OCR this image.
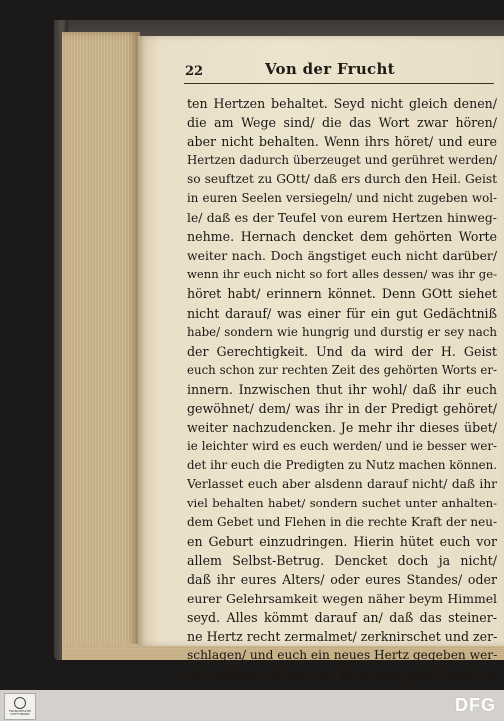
22	Von der Frucht
ten Hertzen behaltet. Seyd nicht gleich denen/
die am Wege sind/ die das Wort zwar hören/
aber nicht behalten. Wenn ihrs höret/ und eure
Hertzen dadurch überzeuget und gerühret werden/
so seuftzet zu GOtt/ daß ers durch den Heil. Geist
in euren Seelen versiegeln/ und nicht zugeben wol-
le/ daß es der Teufel von eurem Hertzen hinweg-
nehme. Hernach dencket dem gehörten Worte
weiter nach. Doch ängstiget euch nicht darüber/
wenn ihr euch nicht so fort alles dessen/ was ihr ge-
höret habt/ erinnern könnet. Denn GOtt siehet
nicht darauf/ was einer für ein gut Gedächtniß
habe/ sondern wie hungrig und durstig er sey nach
der Gerechtigkeit. Und da wird der H. Geist
euch schon zur rechten Zeit des gehörten Worts er-
innern. Inzwischen thut ihr wohl/ daß ihr euch
gewöhnet/ dem/ was ihr in der Predigt gehöret/
weiter nachzudencken. Je mehr ihr dieses übet/
ie leichter wird es euch werden/ und ie besser wer-
det ihr euch die Predigten zu Nutz machen können.
Verlasset euch aber alsdenn darauf nicht/ daß ihr
viel behalten habet/ sondern suchet unter anhalten-
dem Gebet und Flehen in die rechte Kraft der neu-
en Geburt einzudringen. Hierin hütet euch vor
allem Selbst-Betrug. Dencket doch ja nicht/
daß ihr eures Alters/ oder eures Standes/ oder
eurer Gelehrsamkeit wegen näher beym Himmel
seyd. Alles kömmt darauf an/ daß das steiner-
ne Hertz recht zermalmet/ zerknirschet und zer-
schlagen/ und euch ein neues Hertz gegeben wer-
de/ welches da sey das feine und gute Hertz/ in
FRANCKESCHE STIFTUNGEN	DFG
